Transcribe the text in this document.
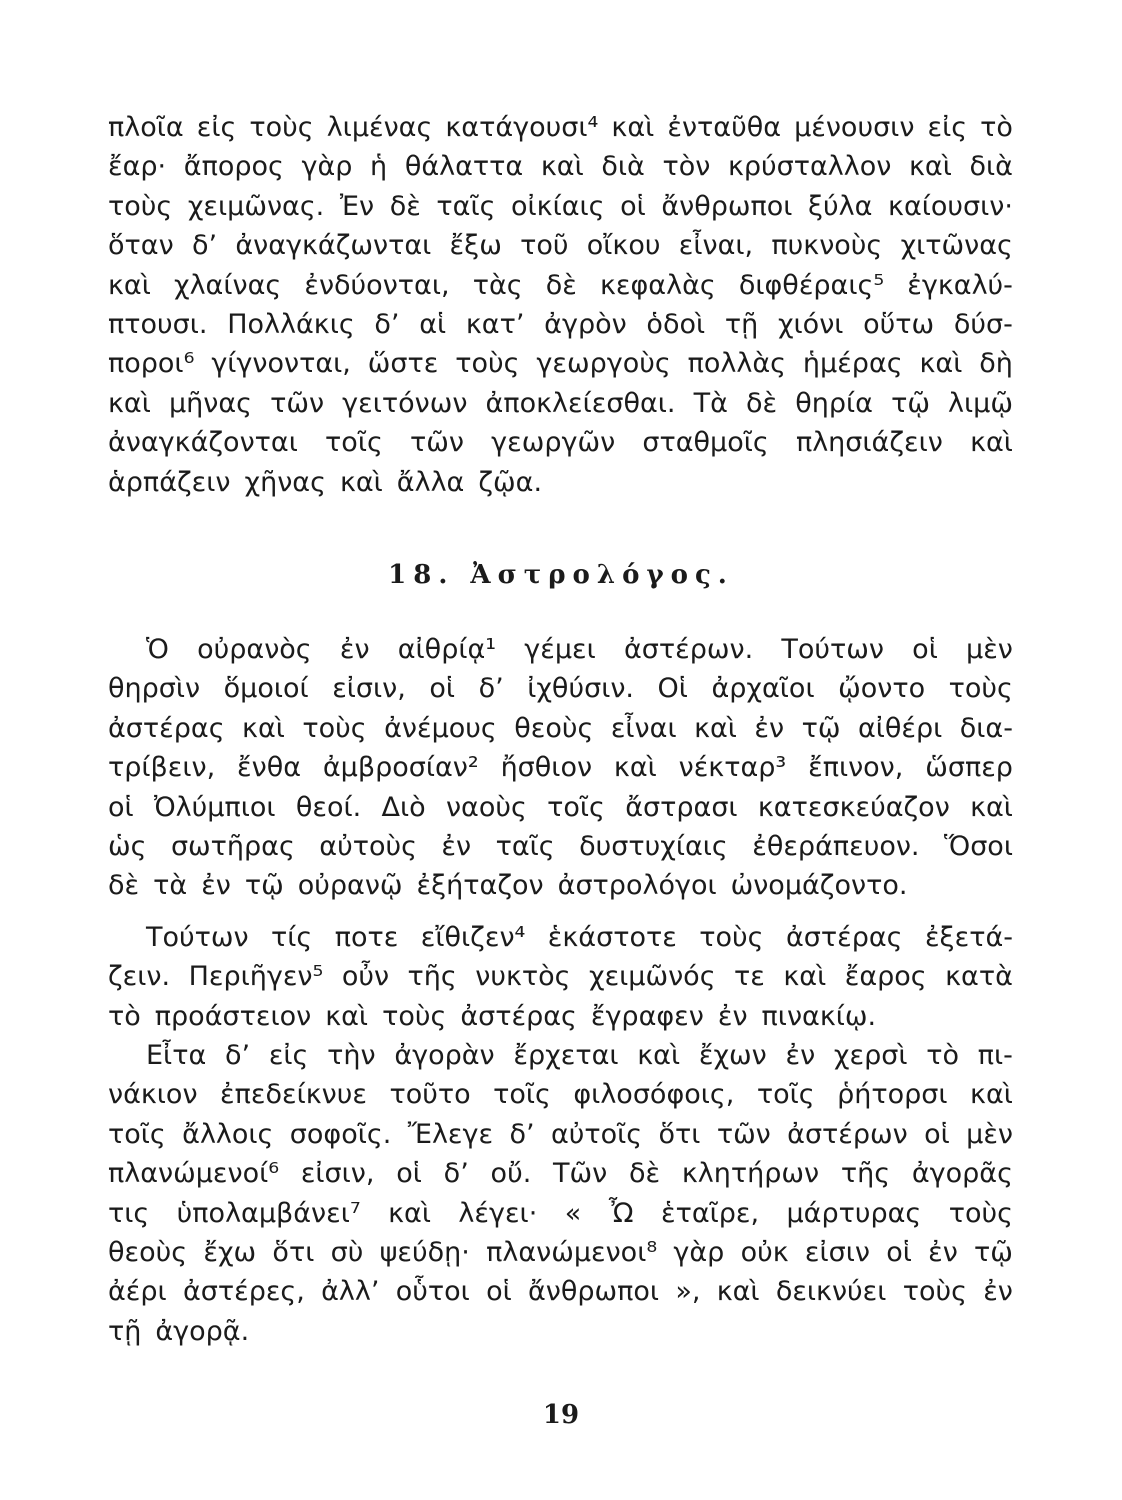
πλοῖα εἰς τοὺς λιμένας κατάγουσι⁴ καὶ ἐνταῦθα μένουσιν εἰς τὸ
ἔαρ· ἄπορος γὰρ ἡ θάλαττα καὶ διὰ τὸν κρύσταλλον καὶ διὰ
τοὺς χειμῶνας. Ἐν δὲ ταῖς οἰκίαις οἱ ἄνθρωποι ξύλα καίουσιν·
ὅταν δ’ ἀναγκάζωνται ἔξω τοῦ οἴκου εἶναι, πυκνοὺς χιτῶνας
καὶ χλαίνας ἐνδύονται, τὰς δὲ κεφαλὰς διφθέραις⁵ ἐγκαλύ-
πτουσι. Πολλάκις δ’ αἱ κατ’ ἀγρὸν ὁδοὶ τῇ χιόνι οὕτω δύσ-
ποροι⁶ γίγνονται, ὥστε τοὺς γεωργοὺς πολλὰς ἡμέρας καὶ δὴ
καὶ μῆνας τῶν γειτόνων ἀποκλείεσθαι. Τὰ δὲ θηρία τῷ λιμῷ
ἀναγκάζονται τοῖς τῶν γεωργῶν σταθμοῖς πλησιάζειν καὶ
ἁρπάζειν χῆνας καὶ ἄλλα ζῷα.
18. Ἀστρολόγος.
Ὁ οὐρανὸς ἐν αἰθρίᾳ¹ γέμει ἀστέρων. Τούτων οἱ μὲν
θηρσὶν ὅμοιοί εἰσιν, οἱ δ’ ἰχθύσιν. Οἱ ἀρχαῖοι ᾤοντο τοὺς
ἀστέρας καὶ τοὺς ἀνέμους θεοὺς εἶναι καὶ ἐν τῷ αἰθέρι δια-
τρίβειν, ἔνθα ἀμβροσίαν² ἤσθιον καὶ νέκταρ³ ἔπινον, ὥσπερ
οἱ Ὀλύμπιοι θεοί. Διὸ ναοὺς τοῖς ἄστρασι κατεσκεύαζον καὶ
ὡς σωτῆρας αὐτοὺς ἐν ταῖς δυστυχίαις ἐθεράπευον. Ὅσοι
δὲ τὰ ἐν τῷ οὐρανῷ ἐξήταζον ἀστρολόγοι ὠνομάζοντο.
Τούτων τίς ποτε εἴθιζεν⁴ ἑκάστοτε τοὺς ἀστέρας ἐξετά-
ζειν. Περιῆγεν⁵ οὖν τῆς νυκτὸς χειμῶνός τε καὶ ἔαρος κατὰ
τὸ προάστειον καὶ τοὺς ἀστέρας ἔγραφεν ἐν πινακίῳ.
Εἶτα δ’ εἰς τὴν ἀγορὰν ἔρχεται καὶ ἔχων ἐν χερσὶ τὸ πι-
νάκιον ἐπεδείκνυε τοῦτο τοῖς φιλοσόφοις, τοῖς ῥήτορσι καὶ
τοῖς ἄλλοις σοφοῖς. Ἔλεγε δ’ αὐτοῖς ὅτι τῶν ἀστέρων οἱ μὲν
πλανώμενοί⁶ εἰσιν, οἱ δ’ οὔ. Τῶν δὲ κλητήρων τῆς ἀγορᾶς
τις ὑπολαμβάνει⁷ καὶ λέγει· « Ὦ ἑταῖρε, μάρτυρας τοὺς
θεοὺς ἔχω ὅτι σὺ ψεύδῃ· πλανώμενοι⁸ γὰρ οὐκ εἰσιν οἱ ἐν τῷ
ἀέρι ἀστέρες, ἀλλ’ οὗτοι οἱ ἄνθρωποι », καὶ δεικνύει τοὺς ἐν
τῇ ἀγορᾷ.
19
